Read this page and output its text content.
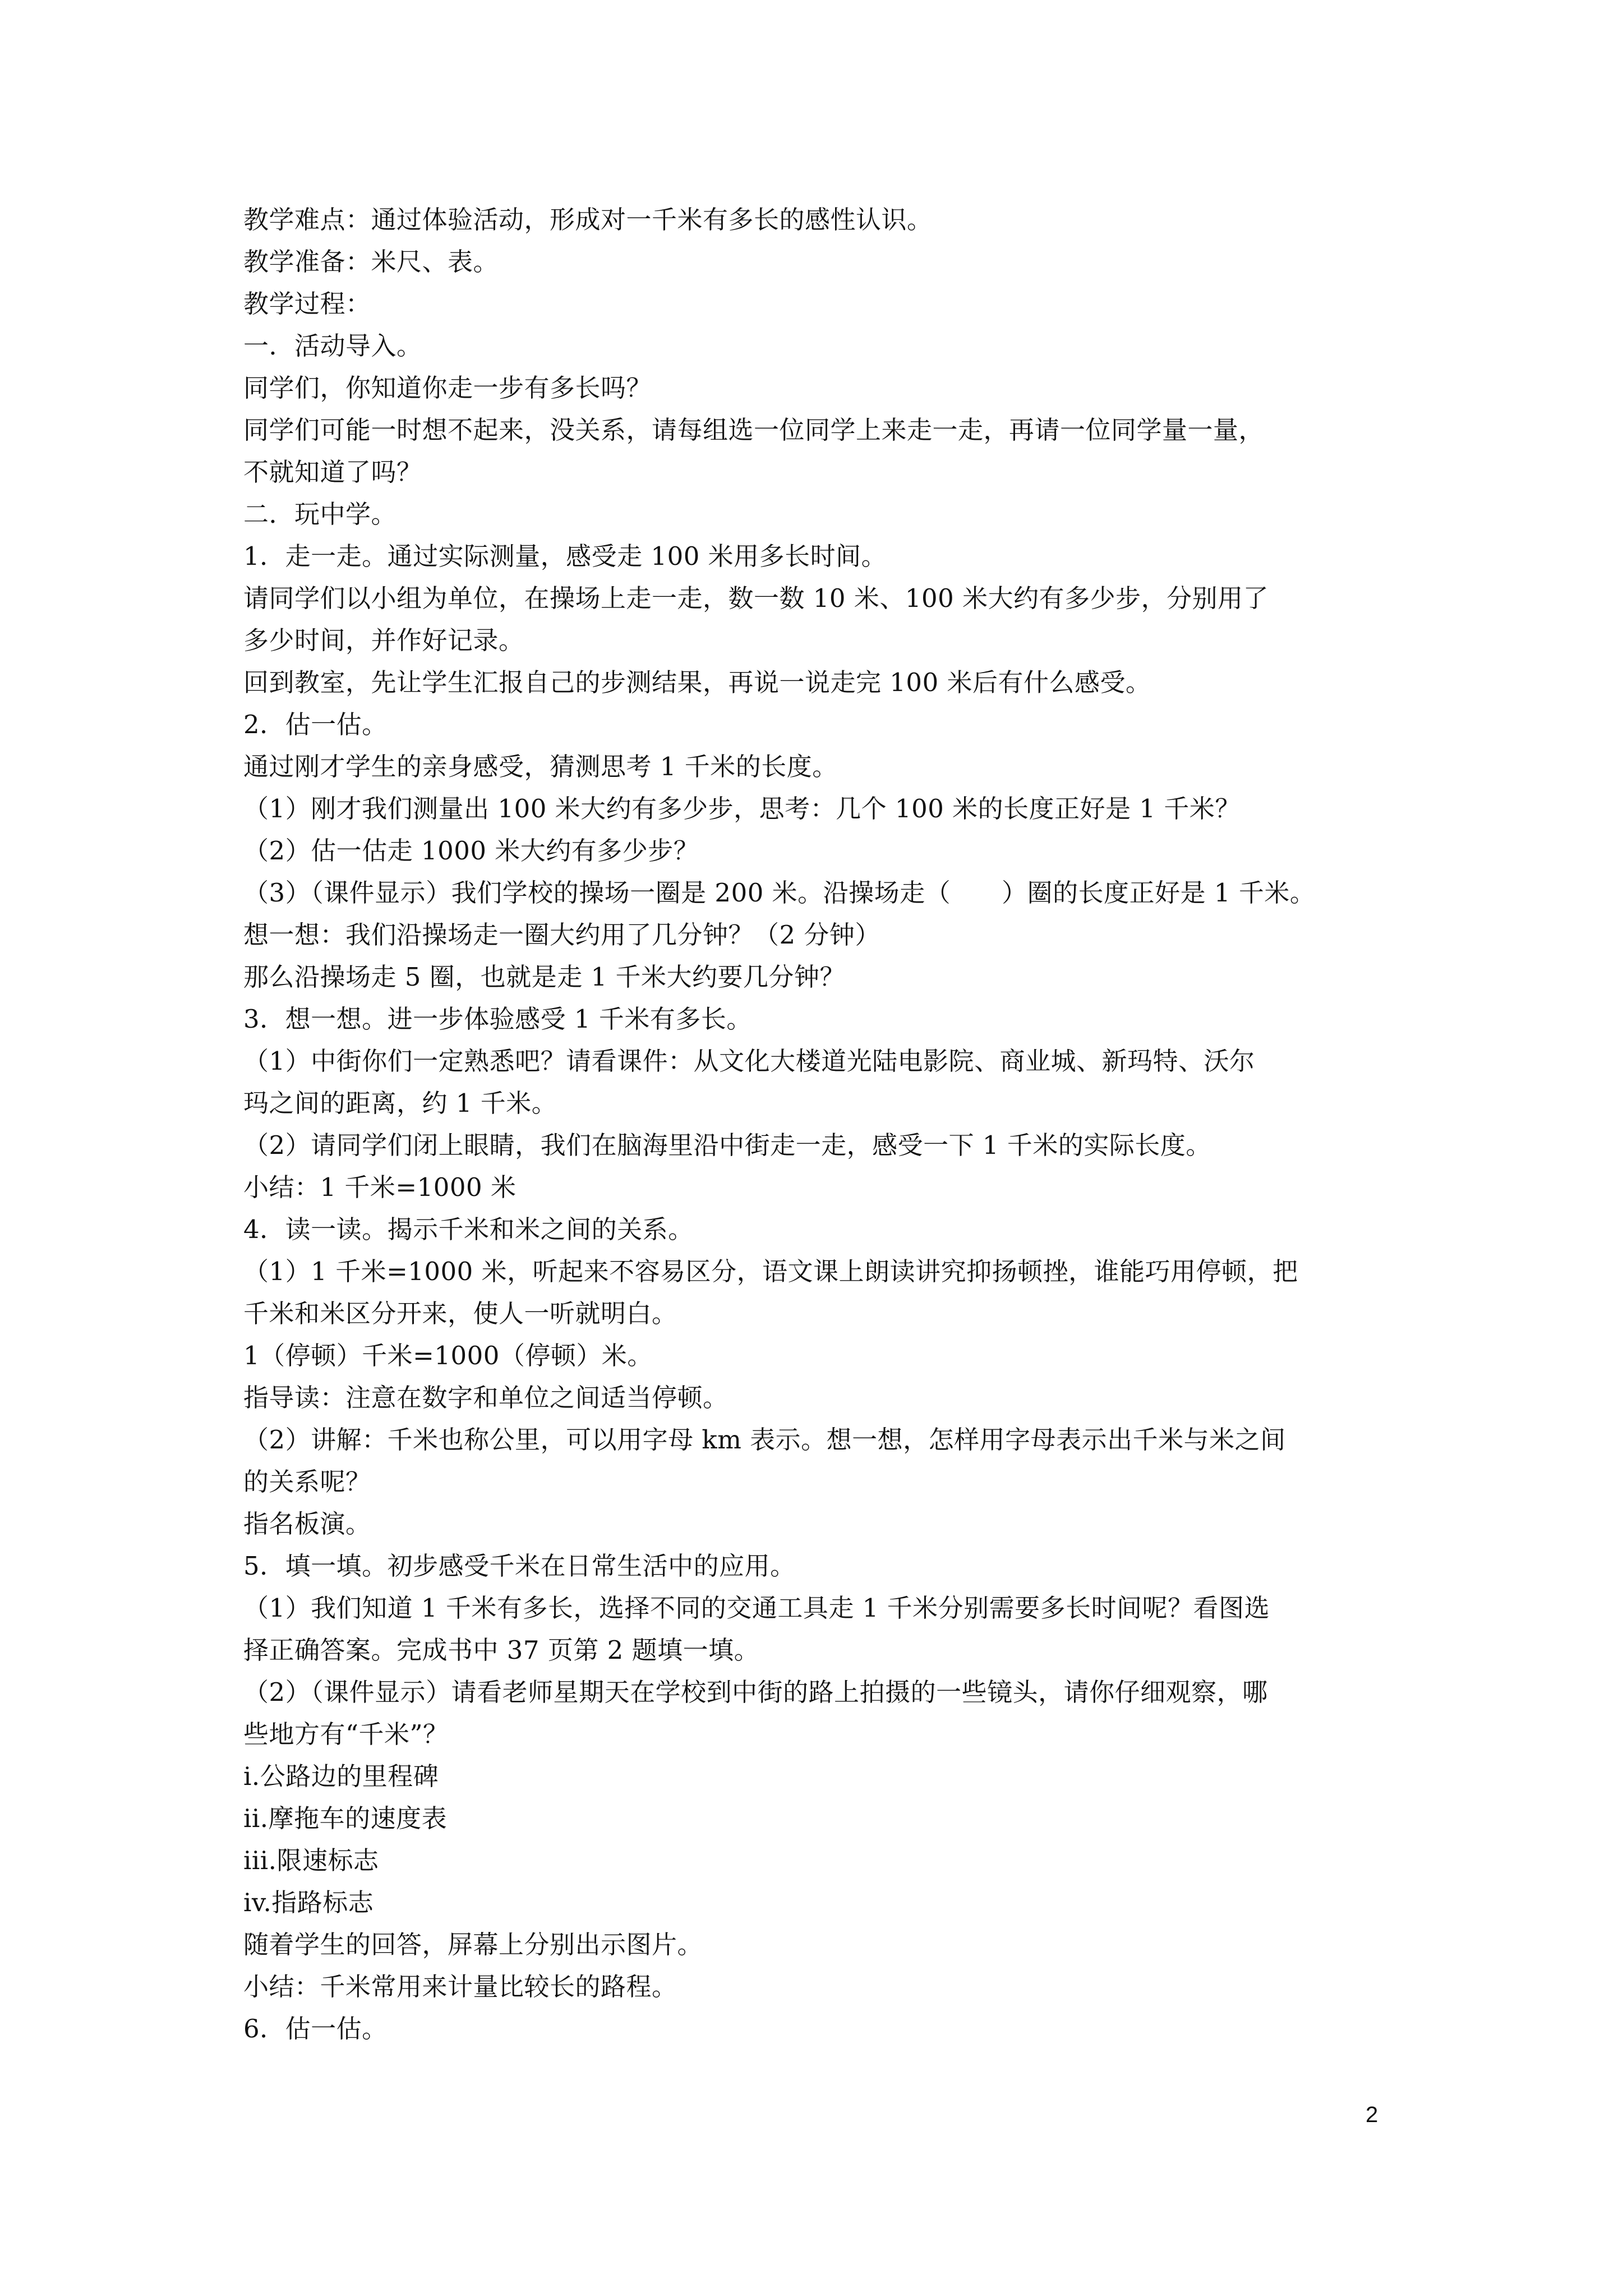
教学难点：通过体验活动，形成对一千米有多长的感性认识。
教学准备：米尺、表。
教学过程：
一．活动导入。
同学们，你知道你走一步有多长吗？
同学们可能一时想不起来，没关系，请每组选一位同学上来走一走，再请一位同学量一量，
不就知道了吗？
二．玩中学。
1．走一走。通过实际测量，感受走 100 米用多长时间。
请同学们以小组为单位，在操场上走一走，数一数 10 米、100 米大约有多少步，分别用了
多少时间，并作好记录。
回到教室，先让学生汇报自己的步测结果，再说一说走完 100 米后有什么感受。
2．估一估。
通过刚才学生的亲身感受，猜测思考 1 千米的长度。
（1）刚才我们测量出 100 米大约有多少步，思考：几个 100 米的长度正好是 1 千米？
（2）估一估走 1000 米大约有多少步？
（3）（课件显示）我们学校的操场一圈是 200 米。沿操场走（　　）圈的长度正好是 1 千米。
想一想：我们沿操场走一圈大约用了几分钟？（2 分钟）
那么沿操场走 5 圈，也就是走 1 千米大约要几分钟？
3．想一想。进一步体验感受 1 千米有多长。
（1）中街你们一定熟悉吧？请看课件：从文化大楼道光陆电影院、商业城、新玛特、沃尔
玛之间的距离，约 1 千米。
（2）请同学们闭上眼睛，我们在脑海里沿中街走一走，感受一下 1 千米的实际长度。
小结：1 千米=1000 米
4．读一读。揭示千米和米之间的关系。
（1）1 千米=1000 米，听起来不容易区分，语文课上朗读讲究抑扬顿挫，谁能巧用停顿，把
千米和米区分开来，使人一听就明白。
1（停顿）千米=1000（停顿）米。
指导读：注意在数字和单位之间适当停顿。
（2）讲解：千米也称公里，可以用字母 km 表示。想一想，怎样用字母表示出千米与米之间
的关系呢？
指名板演。
5．填一填。初步感受千米在日常生活中的应用。
（1）我们知道 1 千米有多长，选择不同的交通工具走 1 千米分别需要多长时间呢？看图选
择正确答案。完成书中 37 页第 2 题填一填。
（2）（课件显示）请看老师星期天在学校到中街的路上拍摄的一些镜头，请你仔细观察，哪
些地方有“千米”？
i.公路边的里程碑
ii.摩拖车的速度表
iii.限速标志
iv.指路标志
随着学生的回答，屏幕上分别出示图片。
小结：千米常用来计量比较长的路程。
6．估一估。
2
